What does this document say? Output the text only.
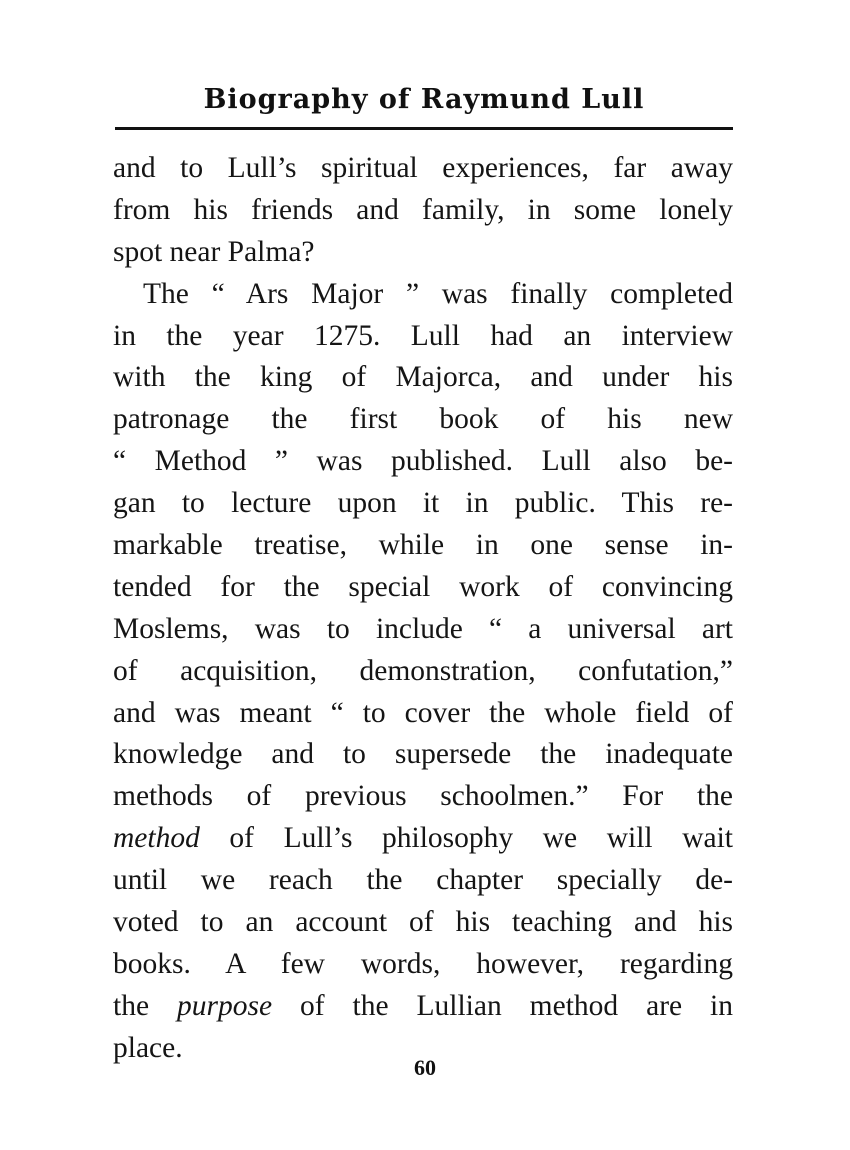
Biography of Raymund Lull
and to Lull’s spiritual experiences, far away
from his friends and family, in some lonely
spot near Palma?
The “ Ars Major ” was finally completed
in the year 1275. Lull had an interview
with the king of Majorca, and under his
patronage the first book of his new
“ Method ” was published. Lull also be-
gan to lecture upon it in public. This re-
markable treatise, while in one sense in-
tended for the special work of convincing
Moslems, was to include “ a universal art
of acquisition, demonstration, confutation,”
and was meant “ to cover the whole field of
knowledge and to supersede the inadequate
methods of previous schoolmen.” For the
method of Lull’s philosophy we will wait
until we reach the chapter specially de-
voted to an account of his teaching and his
books. A few words, however, regarding
the purpose of the Lullian method are in
place.
60
